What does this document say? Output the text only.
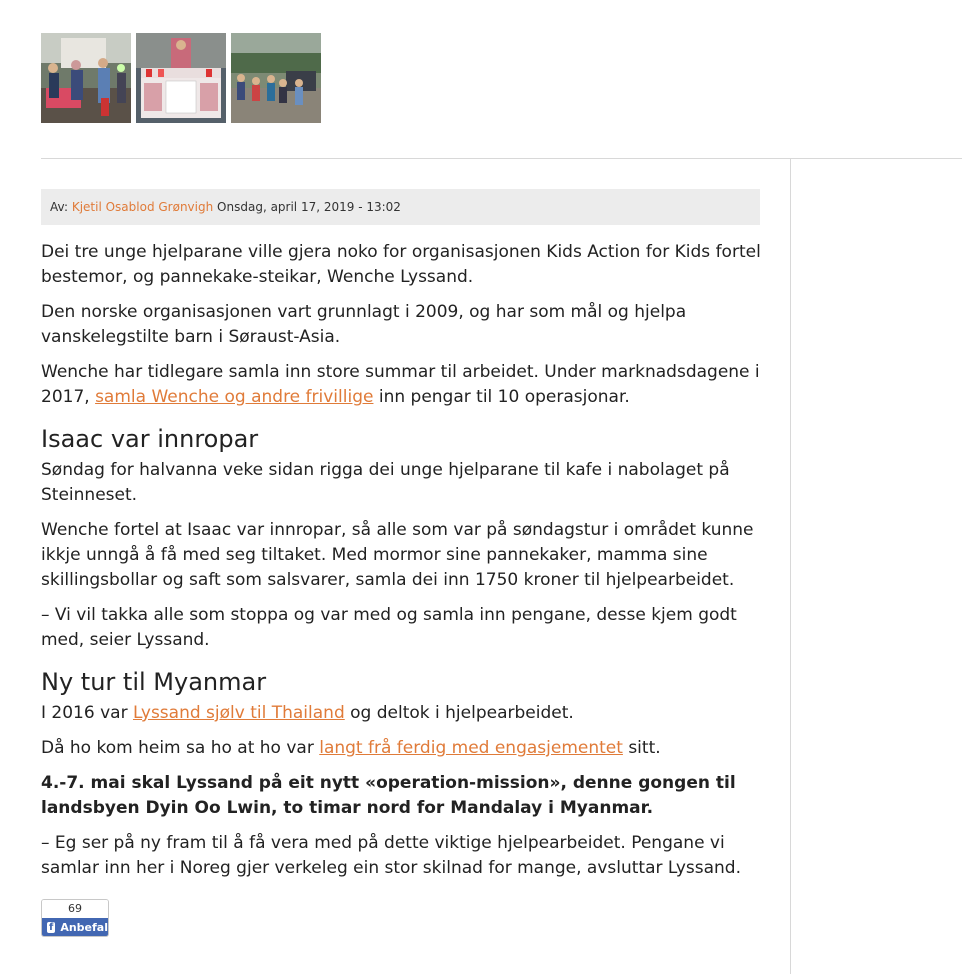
Av: Kjetil Osablod Grønvigh Onsdag, april 17, 2019 - 13:02

Dei tre unge hjelparane ville gjera noko for organisasjonen Kids Action for Kids fortel bestemor, og pannekake-steikar, Wenche Lyssand.

Den norske organisasjonen vart grunnlagt i 2009, og har som mål og hjelpa vanskelegstilte barn i Søraust-Asia.

Wenche har tidlegare samla inn store summar til arbeidet. Under marknadsdagene i 2017, samla Wenche og andre frivillige inn pengar til 10 operasjonar.

Isaac var innropar

Søndag for halvanna veke sidan rigga dei unge hjelparane til kafe i nabolaget på Steinneset.

Wenche fortel at Isaac var innropar, så alle som var på søndagstur i området kunne ikkje unngå å få med seg tiltaket. Med mormor sine pannekaker, mamma sine skillingsbollar og saft som salsvarer, samla dei inn 1750 kroner til hjelpearbeidet.

– Vi vil takka alle som stoppa og var med og samla inn pengane, desse kjem godt med, seier Lyssand.

Ny tur til Myanmar

I 2016 var Lyssand sjølv til Thailand og deltok i hjelpearbeidet.

Då ho kom heim sa ho at ho var langt frå ferdig med engasjementet sitt.

4.-7. mai skal Lyssand på eit nytt «operation-mission», denne gongen til landsbyen Dyin Oo Lwin, to timar nord for Mandalay i Myanmar.

– Eg ser på ny fram til å få vera med på dette viktige hjelpearbeidet. Pengane vi samlar inn her i Noreg gjer verkeleg ein stor skilnad for mange, avsluttar Lyssand.

69
f Anbefal
